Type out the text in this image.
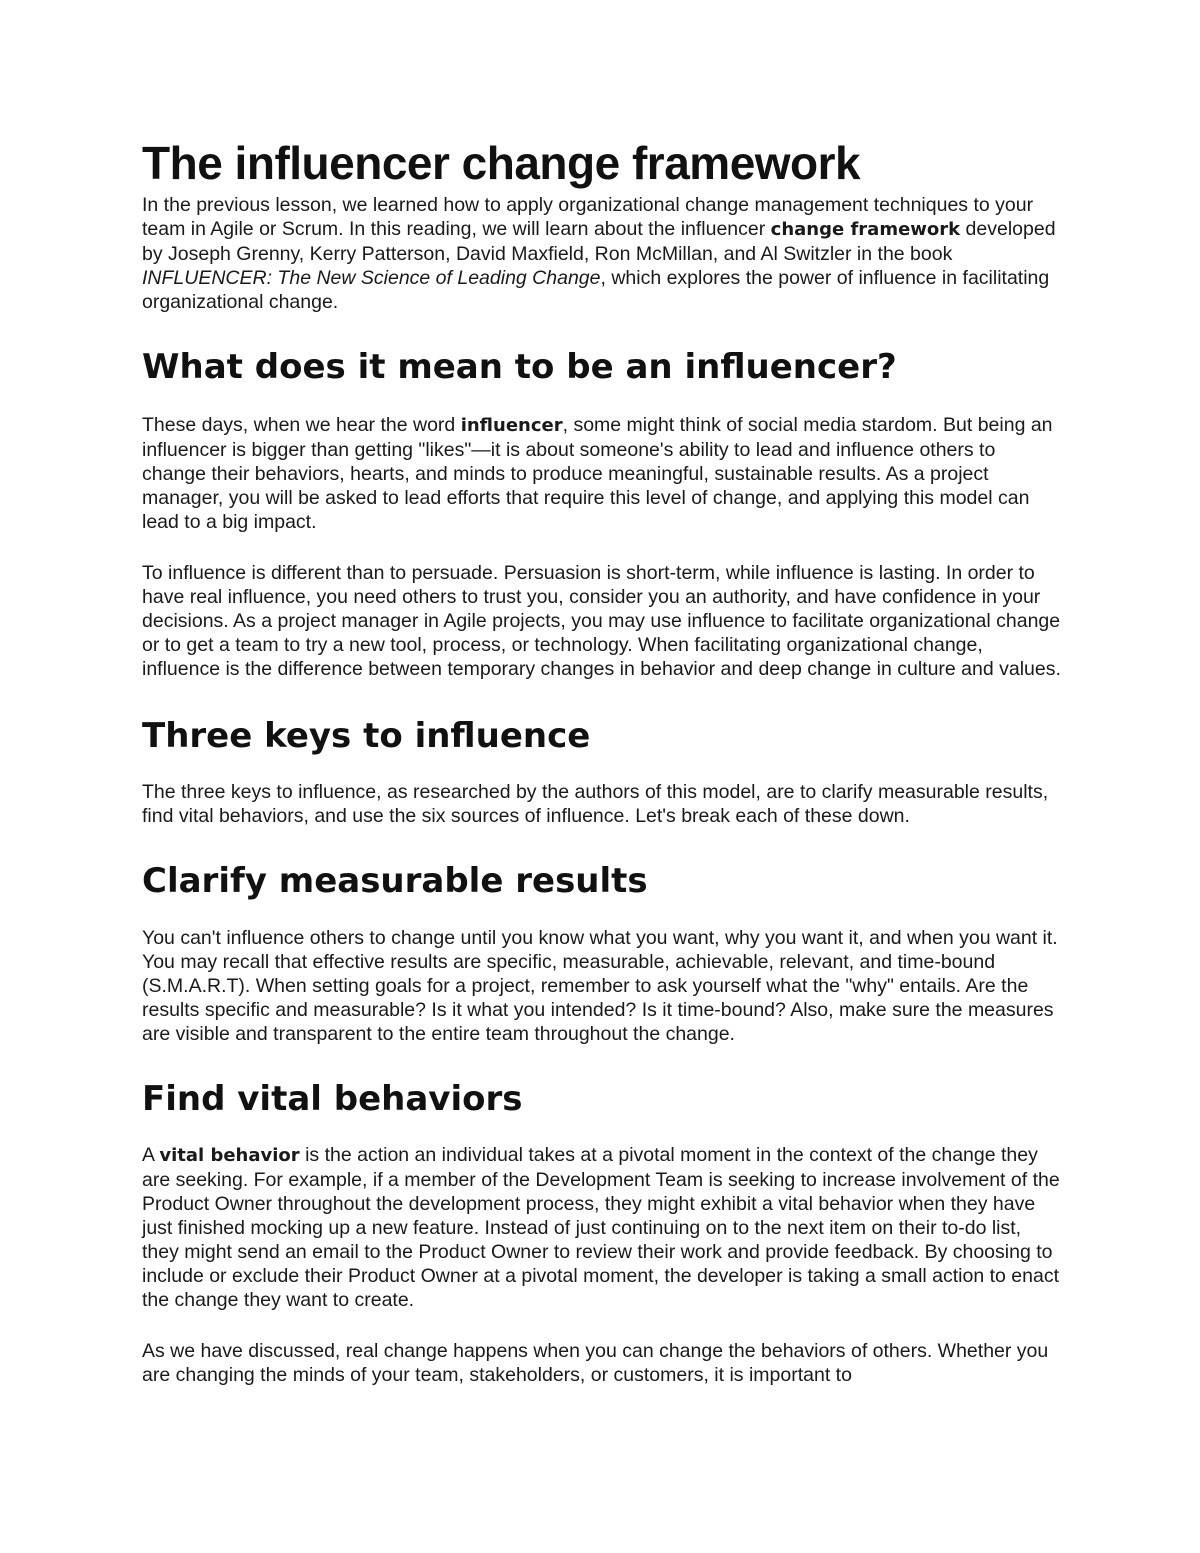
The influencer change framework

In the previous lesson, we learned how to apply organizational change management techniques to your team in Agile or Scrum. In this reading, we will learn about the influencer change framework developed by Joseph Grenny, Kerry Patterson, David Maxfield, Ron McMillan, and Al Switzler in the book INFLUENCER: The New Science of Leading Change, which explores the power of influence in facilitating organizational change.

What does it mean to be an influencer?

These days, when we hear the word influencer, some might think of social media stardom. But being an influencer is bigger than getting "likes"—it is about someone's ability to lead and influence others to change their behaviors, hearts, and minds to produce meaningful, sustainable results. As a project manager, you will be asked to lead efforts that require this level of change, and applying this model can lead to a big impact.

To influence is different than to persuade. Persuasion is short-term, while influence is lasting. In order to have real influence, you need others to trust you, consider you an authority, and have confidence in your decisions. As a project manager in Agile projects, you may use influence to facilitate organizational change or to get a team to try a new tool, process, or technology. When facilitating organizational change, influence is the difference between temporary changes in behavior and deep change in culture and values.

Three keys to influence

The three keys to influence, as researched by the authors of this model, are to clarify measurable results, find vital behaviors, and use the six sources of influence. Let's break each of these down.

Clarify measurable results

You can't influence others to change until you know what you want, why you want it, and when you want it. You may recall that effective results are specific, measurable, achievable, relevant, and time-bound (S.M.A.R.T). When setting goals for a project, remember to ask yourself what the "why" entails. Are the results specific and measurable? Is it what you intended? Is it time-bound? Also, make sure the measures are visible and transparent to the entire team throughout the change.

Find vital behaviors

A vital behavior is the action an individual takes at a pivotal moment in the context of the change they are seeking. For example, if a member of the Development Team is seeking to increase involvement of the Product Owner throughout the development process, they might exhibit a vital behavior when they have just finished mocking up a new feature. Instead of just continuing on to the next item on their to-do list, they might send an email to the Product Owner to review their work and provide feedback. By choosing to include or exclude their Product Owner at a pivotal moment, the developer is taking a small action to enact the change they want to create.

As we have discussed, real change happens when you can change the behaviors of others. Whether you are changing the minds of your team, stakeholders, or customers, it is important to
